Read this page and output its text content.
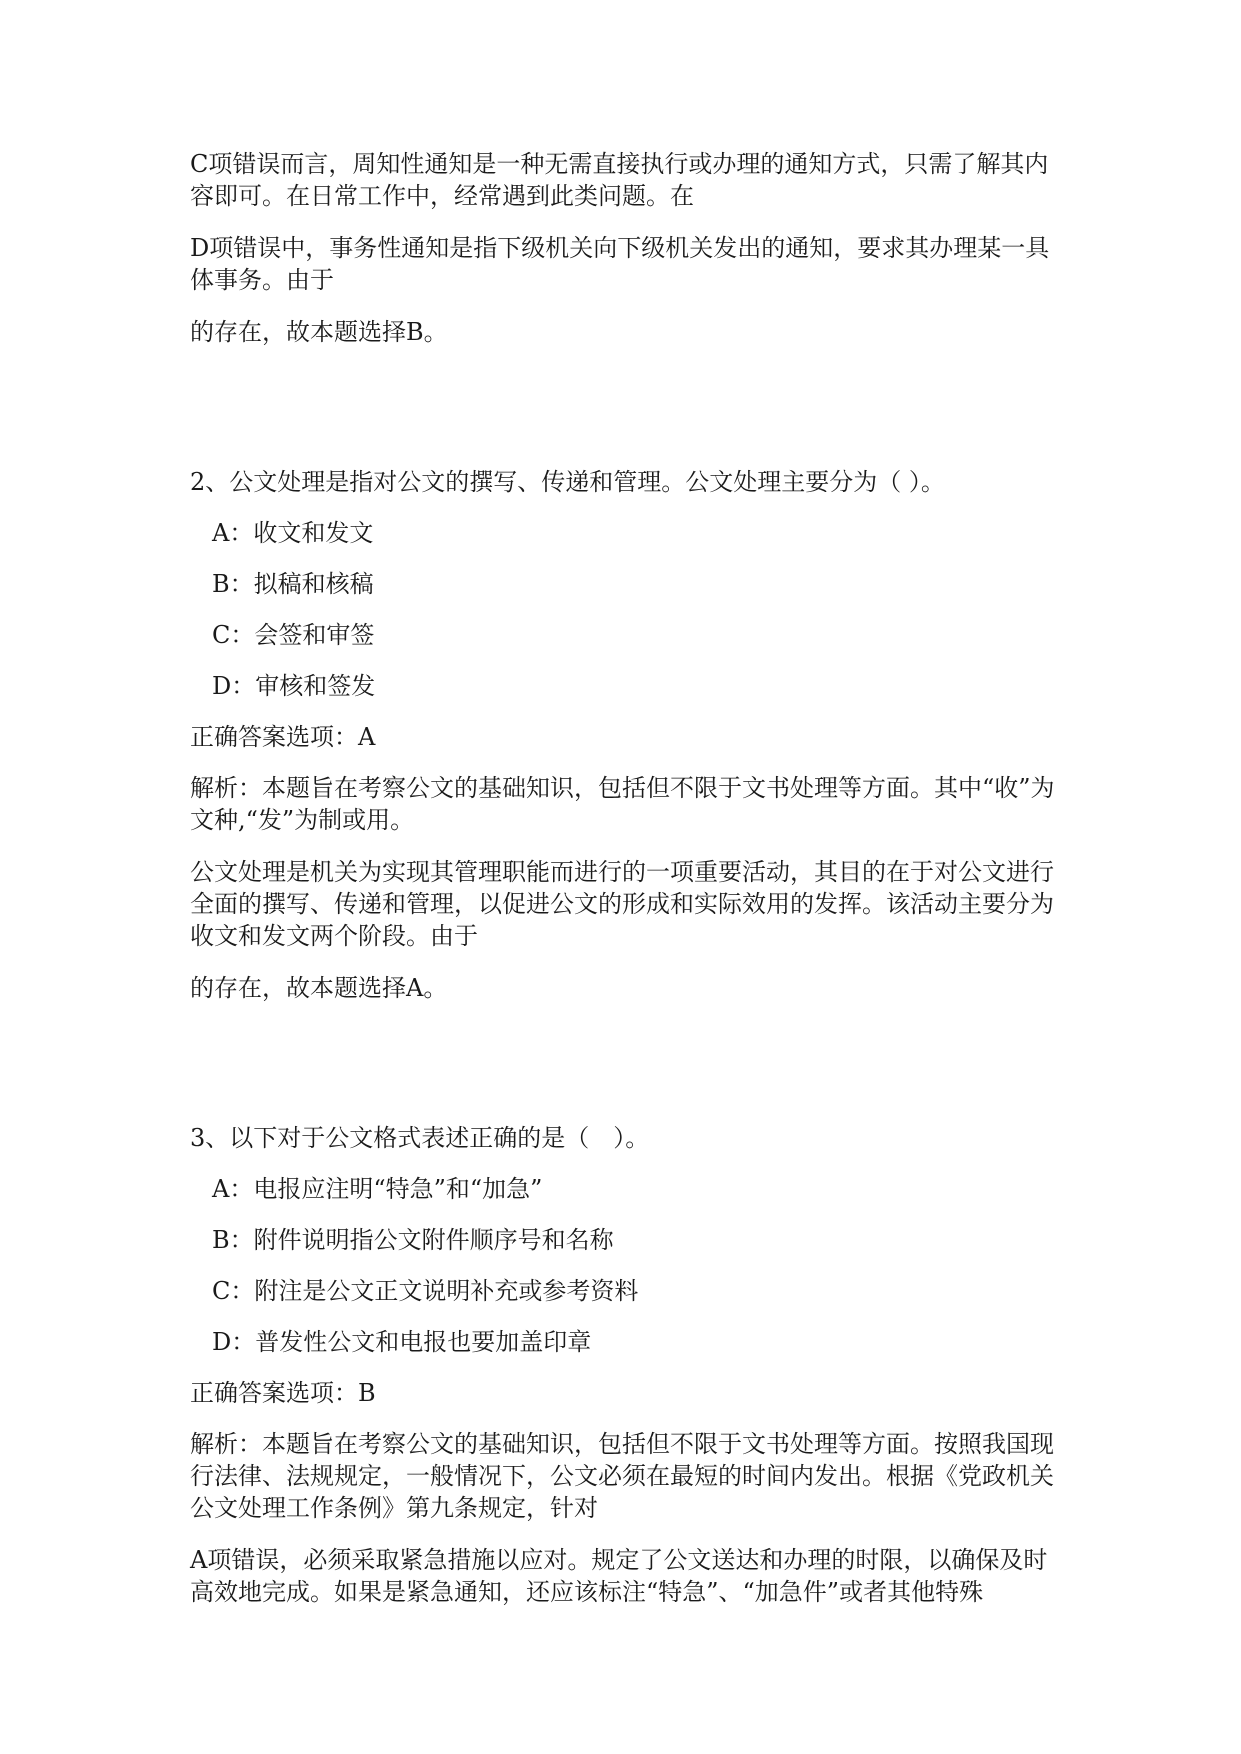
C项错误而言，周知性通知是一种无需直接执行或办理的通知方式，只需了解其内容即可。在日常工作中，经常遇到此类问题。在

D项错误中，事务性通知是指下级机关向下级机关发出的通知，要求其办理某一具体事务。由于

的存在，故本题选择B。

2、公文处理是指对公文的撰写、传递和管理。公文处理主要分为（ ）。

A：收文和发文

B：拟稿和核稿

C：会签和审签

D：审核和签发

正确答案选项：A

解析：本题旨在考察公文的基础知识，包括但不限于文书处理等方面。其中“收”为文种,“发”为制或用。

公文处理是机关为实现其管理职能而进行的一项重要活动，其目的在于对公文进行全面的撰写、传递和管理，以促进公文的形成和实际效用的发挥。该活动主要分为收文和发文两个阶段。由于

的存在，故本题选择A。

3、以下对于公文格式表述正确的是（　）。

A：电报应注明“特急”和“加急”

B：附件说明指公文附件顺序号和名称

C：附注是公文正文说明补充或参考资料

D：普发性公文和电报也要加盖印章

正确答案选项：B

解析：本题旨在考察公文的基础知识，包括但不限于文书处理等方面。按照我国现行法律、法规规定，一般情况下，公文必须在最短的时间内发出。根据《党政机关公文处理工作条例》第九条规定，针对

A项错误，必须采取紧急措施以应对。规定了公文送达和办理的时限，以确保及时高效地完成。如果是紧急通知，还应该标注“特急”、“加急件”或者其他特殊
